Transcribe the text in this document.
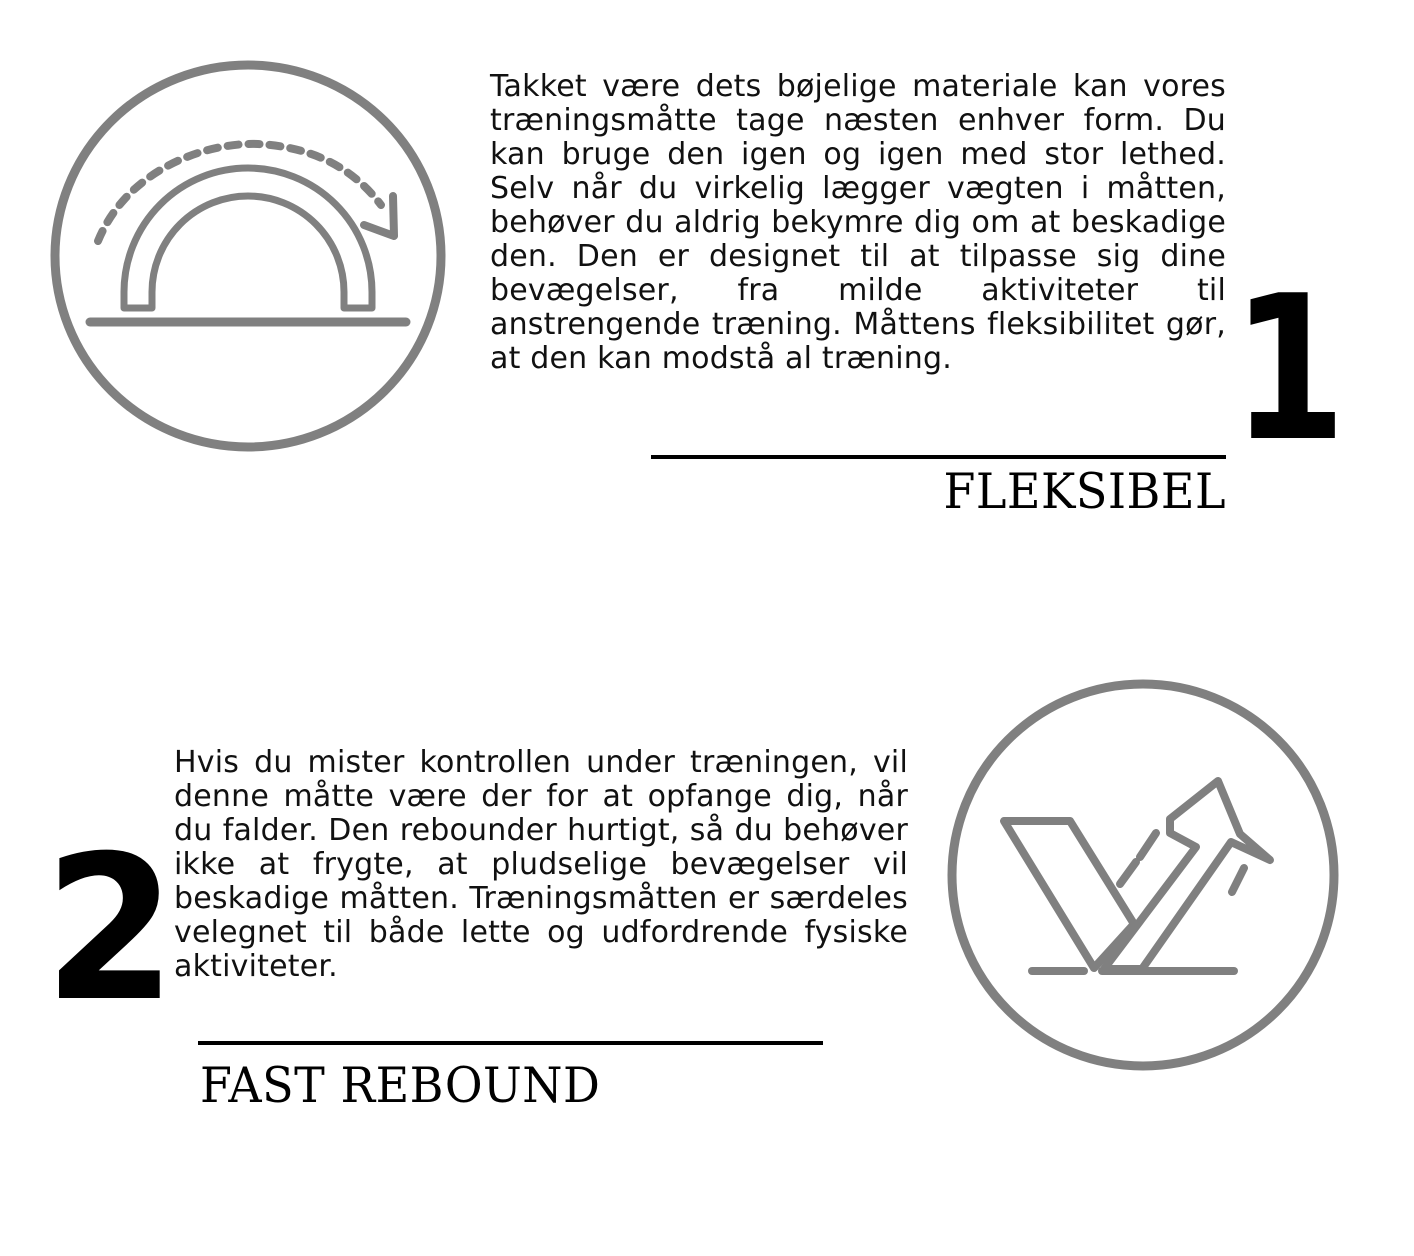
Takket være dets bøjelige materiale kan vores træningsmåtte tage næsten enhver form. Du kan bruge den igen og igen med stor lethed. Selv når du virkelig lægger vægten i måtten, behøver du aldrig bekymre dig om at beskadige den. Den er designet til at tilpasse sig dine bevægelser, fra milde aktiviteter til anstrengende træning. Måttens fleksibilitet gør, at den kan modstå al træning.	1
FLEKSIBEL
2

Hvis du mister kontrollen under træningen, vil denne måtte være der for at opfange dig, når du falder. Den rebounder hurtigt, så du behøver ikke at frygte, at pludselige bevægelser vil beskadige måtten. Træningsmåtten er særdeles velegnet til både lette og udfordrende fysiske aktiviteter.

FAST REBOUND
